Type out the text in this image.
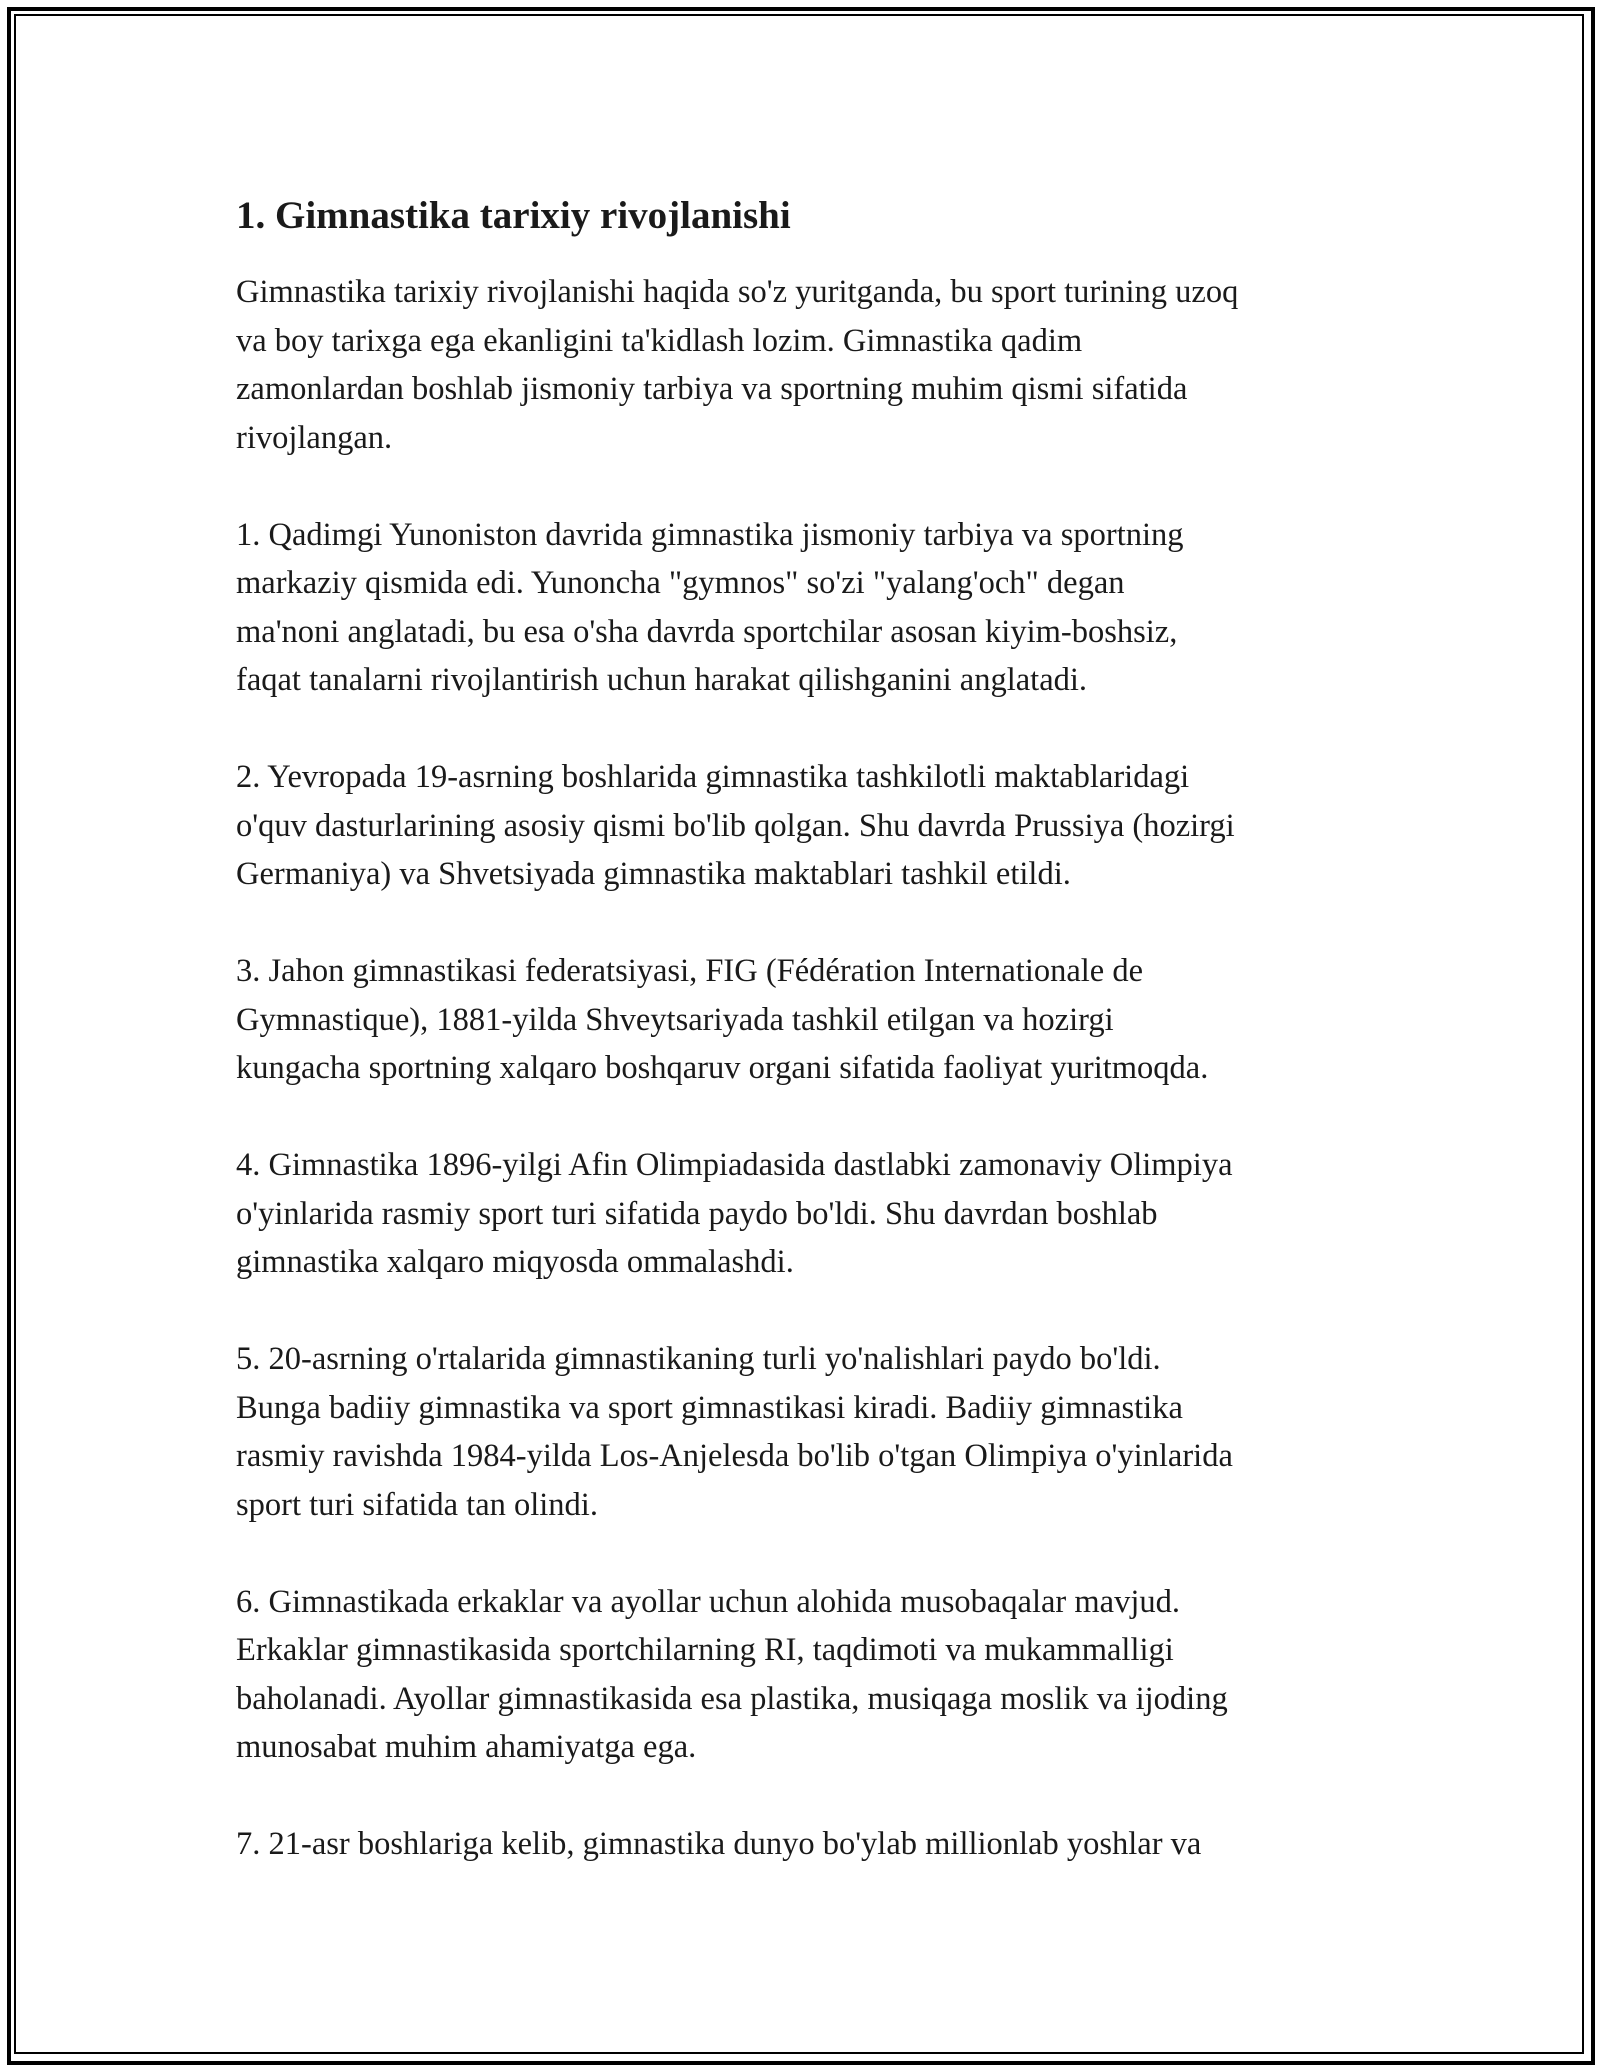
1. Gimnastika tarixiy rivojlanishi

Gimnastika tarixiy rivojlanishi haqida so'z yuritganda, bu sport turining uzoq
va boy tarixga ega ekanligini ta'kidlash lozim. Gimnastika qadim
zamonlardan boshlab jismoniy tarbiya va sportning muhim qismi sifatida
rivojlangan.

1. Qadimgi Yunoniston davrida gimnastika jismoniy tarbiya va sportning
markaziy qismida edi. Yunoncha "gymnos" so'zi "yalang'och" degan
ma'noni anglatadi, bu esa o'sha davrda sportchilar asosan kiyim-boshsiz,
faqat tanalarni rivojlantirish uchun harakat qilishganini anglatadi.

2. Yevropada 19-asrning boshlarida gimnastika tashkilotli maktablaridagi
o'quv dasturlarining asosiy qismi bo'lib qolgan. Shu davrda Prussiya (hozirgi
Germaniya) va Shvetsiyada gimnastika maktablari tashkil etildi.

3. Jahon gimnastikasi federatsiyasi, FIG (Fédération Internationale de
Gymnastique), 1881-yilda Shveytsariyada tashkil etilgan va hozirgi
kungacha sportning xalqaro boshqaruv organi sifatida faoliyat yuritmoqda.

4. Gimnastika 1896-yilgi Afin Olimpiadasida dastlabki zamonaviy Olimpiya
o'yinlarida rasmiy sport turi sifatida paydo bo'ldi. Shu davrdan boshlab
gimnastika xalqaro miqyosda ommalashdi.

5. 20-asrning o'rtalarida gimnastikaning turli yo'nalishlari paydo bo'ldi.
Bunga badiiy gimnastika va sport gimnastikasi kiradi. Badiiy gimnastika
rasmiy ravishda 1984-yilda Los-Anjelesda bo'lib o'tgan Olimpiya o'yinlarida
sport turi sifatida tan olindi.

6. Gimnastikada erkaklar va ayollar uchun alohida musobaqalar mavjud.
Erkaklar gimnastikasida sportchilarning RI, taqdimoti va mukammalligi
baholanadi. Ayollar gimnastikasida esa plastika, musiqaga moslik va ijoding
munosabat muhim ahamiyatga ega.

7. 21-asr boshlariga kelib, gimnastika dunyo bo'ylab millionlab yoshlar va
